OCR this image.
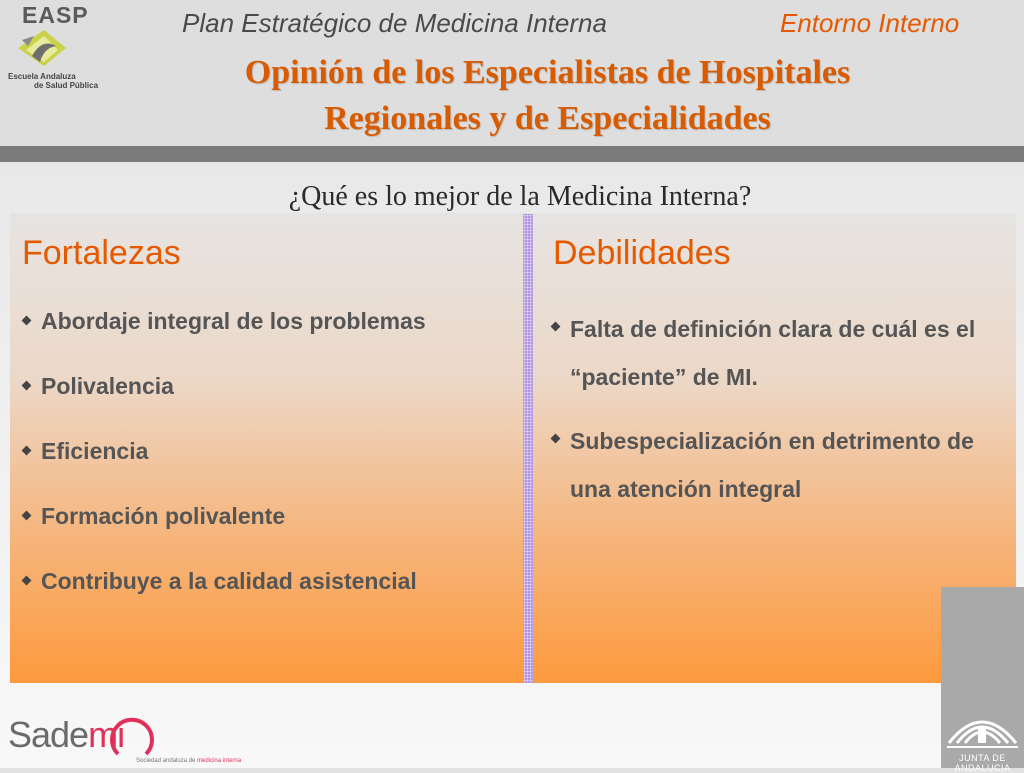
EASP
Escuela Andaluza
de Salud Pública
Plan Estratégico de Medicina Interna	Entorno Interno
Opinión de los Especialistas de Hospitales
Regionales y de Especialidades
¿Qué es lo mejor de la Medicina Interna?
Fortalezas	Debilidades
Abordaje integral de los problemas
Polivalencia
Eficiencia
Formación polivalente
Contribuye a la calidad asistencial
Falta de definición clara de cuál es el “paciente” de MI.
Subespecialización en detrimento de una atención integral
JUNTA DE ANDALUCIA
Sademi
Sociedad andaluza de medicina interna
